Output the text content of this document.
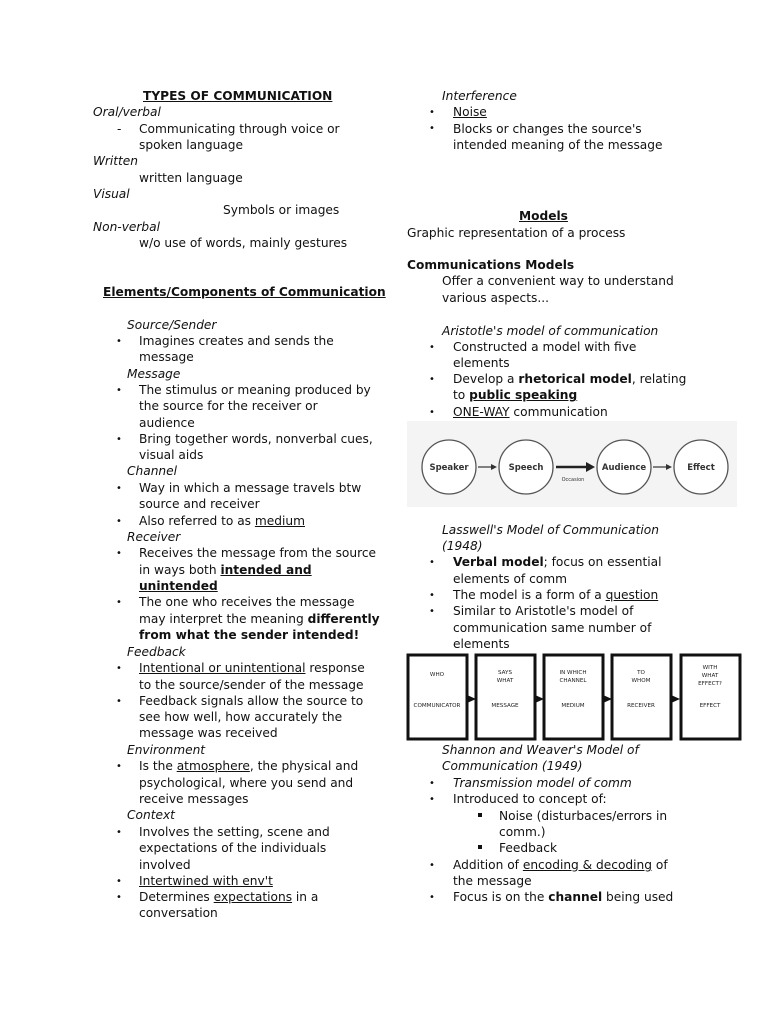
TYPES OF COMMUNICATION
Oral/verbal
- Communicating through voice or
spoken language
Written
written language
Visual
Symbols or images
Non-verbal
w/o use of words, mainly gestures
Elements/Components of Communication
Source/Sender
• Imagines creates and sends the
message
Message
• The stimulus or meaning produced by
the source for the receiver or
audience
• Bring together words, nonverbal cues,
visual aids
Channel
• Way in which a message travels btw
source and receiver
• Also referred to as medium
Receiver
• Receives the message from the source
in ways both intended and
unintended
• The one who receives the message
may interpret the meaning differently
from what the sender intended!
Feedback
• Intentional or unintentional response
to the source/sender of the message
• Feedback signals allow the source to
see how well, how accurately the
message was received
Environment
• Is the atmosphere, the physical and
psychological, where you send and
receive messages
Context
• Involves the setting, scene and
expectations of the individuals
involved
• Intertwined with env't
• Determines expectations in a
conversation
Interference
• Noise
• Blocks or changes the source's
intended meaning of the message
Models
Graphic representation of a process
Communications Models
Offer a convenient way to understand
various aspects...
Aristotle's model of communication
• Constructed a model with five
elements
• Develop a rhetorical model, relating
to public speaking
• ONE-WAY communication
Speaker	Speech	Audience	Effect
Occasion
Lasswell's Model of Communication
(1948)
• Verbal model; focus on essential
elements of comm
• The model is a form of a question
• Similar to Aristotle's model of
communication same number of
elements
WHO	SAYS
WHAT
IN WHICH
CHANNEL
TO
WHOM
WITH
WHAT
EFFECT?
COMMUNICATOR	MESSAGE	MEDIUM	RECEIVER	EFFECT
Shannon and Weaver's Model of
Communication (1949)
• Transmission model of comm
• Introduced to concept of:
Noise (disturbaces/errors in
comm.)
Feedback
• Addition of encoding & decoding of
the message
• Focus is on the channel being used
